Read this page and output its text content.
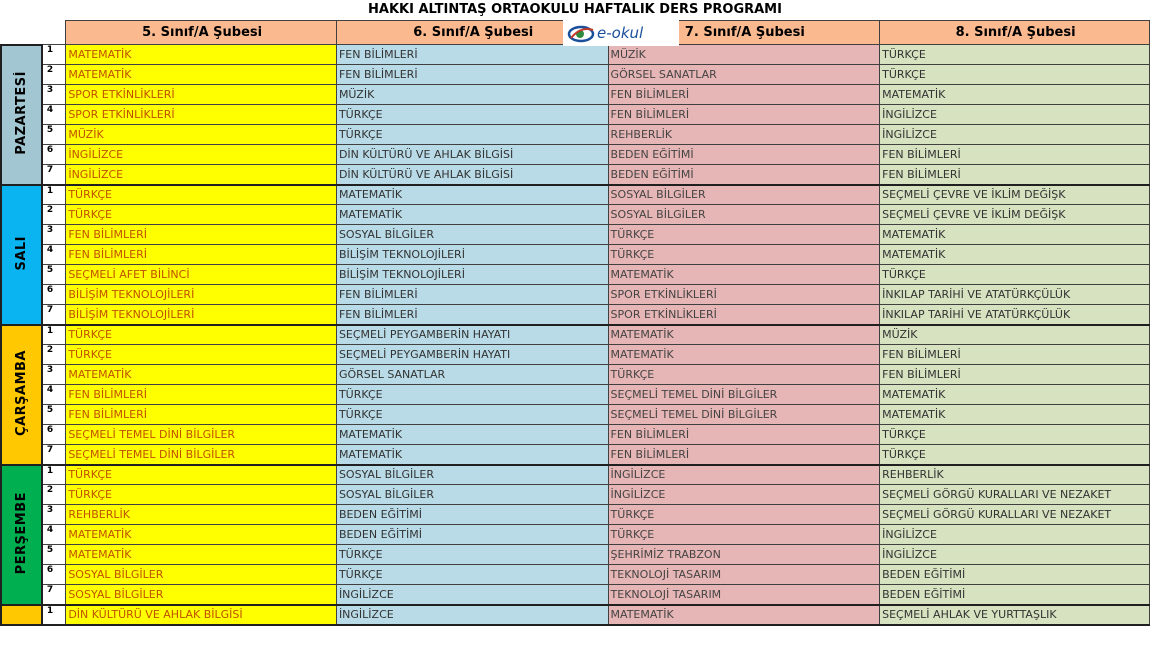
HAKKI ALTINTAŞ ORTAOKULU HAFTALIK DERS PROGRAMI
		5. Sınıf/A Şubesi	6. Sınıf/A Şubesi	7. Sınıf/A Şubesi	8. Sınıf/A Şubesi
PAZARTESİ	1	MATEMATİK	FEN BİLİMLERİ	MÜZİK	TÜRKÇE
	2	MATEMATİK	FEN BİLİMLERİ	GÖRSEL SANATLAR	TÜRKÇE
	3	SPOR ETKİNLİKLERİ	MÜZİK	FEN BİLİMLERİ	MATEMATİK
	4	SPOR ETKİNLİKLERİ	TÜRKÇE	FEN BİLİMLERİ	İNGİLİZCE
	5	MÜZİK	TÜRKÇE	REHBERLİK	İNGİLİZCE
	6	İNGİLİZCE	DİN KÜLTÜRÜ VE AHLAK BİLGİSİ	BEDEN EĞİTİMİ	FEN BİLİMLERİ
	7	İNGİLİZCE	DİN KÜLTÜRÜ VE AHLAK BİLGİSİ	BEDEN EĞİTİMİ	FEN BİLİMLERİ
SALI	1	TÜRKÇE	MATEMATİK	SOSYAL BİLGİLER	SEÇMELİ ÇEVRE VE İKLİM DEĞİŞK
	2	TÜRKÇE	MATEMATİK	SOSYAL BİLGİLER	SEÇMELİ ÇEVRE VE İKLİM DEĞİŞK
	3	FEN BİLİMLERİ	SOSYAL BİLGİLER	TÜRKÇE	MATEMATİK
	4	FEN BİLİMLERİ	BİLİŞİM TEKNOLOJİLERİ	TÜRKÇE	MATEMATİK
	5	SEÇMELİ AFET BİLİNCİ	BİLİŞİM TEKNOLOJİLERİ	MATEMATİK	TÜRKÇE
	6	BİLİŞİM TEKNOLOJİLERİ	FEN BİLİMLERİ	SPOR ETKİNLİKLERİ	İNKILAP TARİHİ VE ATATÜRKÇÜLÜK
	7	BİLİŞİM TEKNOLOJİLERİ	FEN BİLİMLERİ	SPOR ETKİNLİKLERİ	İNKILAP TARİHİ VE ATATÜRKÇÜLÜK
ÇARŞAMBA	1	TÜRKÇE	SEÇMELİ PEYGAMBERİN HAYATI	MATEMATİK	MÜZİK
	2	TÜRKÇE	SEÇMELİ PEYGAMBERİN HAYATI	MATEMATİK	FEN BİLİMLERİ
	3	MATEMATİK	GÖRSEL SANATLAR	TÜRKÇE	FEN BİLİMLERİ
	4	FEN BİLİMLERİ	TÜRKÇE	SEÇMELİ TEMEL DİNİ BİLGİLER	MATEMATİK
	5	FEN BİLİMLERİ	TÜRKÇE	SEÇMELİ TEMEL DİNİ BİLGİLER	MATEMATİK
	6	SEÇMELİ TEMEL DİNİ BİLGİLER	MATEMATİK	FEN BİLİMLERİ	TÜRKÇE
	7	SEÇMELİ TEMEL DİNİ BİLGİLER	MATEMATİK	FEN BİLİMLERİ	TÜRKÇE
PERŞEMBE	1	TÜRKÇE	SOSYAL BİLGİLER	İNGİLİZCE	REHBERLİK
	2	TÜRKÇE	SOSYAL BİLGİLER	İNGİLİZCE	SEÇMELİ GÖRGÜ KURALLARI VE NEZAKET
	3	REHBERLİK	BEDEN EĞİTİMİ	TÜRKÇE	SEÇMELİ GÖRGÜ KURALLARI VE NEZAKET
	4	MATEMATİK	BEDEN EĞİTİMİ	TÜRKÇE	İNGİLİZCE
	5	MATEMATİK	TÜRKÇE	ŞEHRİMİZ TRABZON	İNGİLİZCE
	6	SOSYAL BİLGİLER	TÜRKÇE	TEKNOLOJİ TASARIM	BEDEN EĞİTİMİ
	7	SOSYAL BİLGİLER	İNGİLİZCE	TEKNOLOJİ TASARIM	BEDEN EĞİTİMİ
	1	DİN KÜLTÜRÜ VE AHLAK BİLGİSİ	İNGİLİZCE	MATEMATİK	SEÇMELİ AHLAK VE YURTTAŞLIK
e-okul
